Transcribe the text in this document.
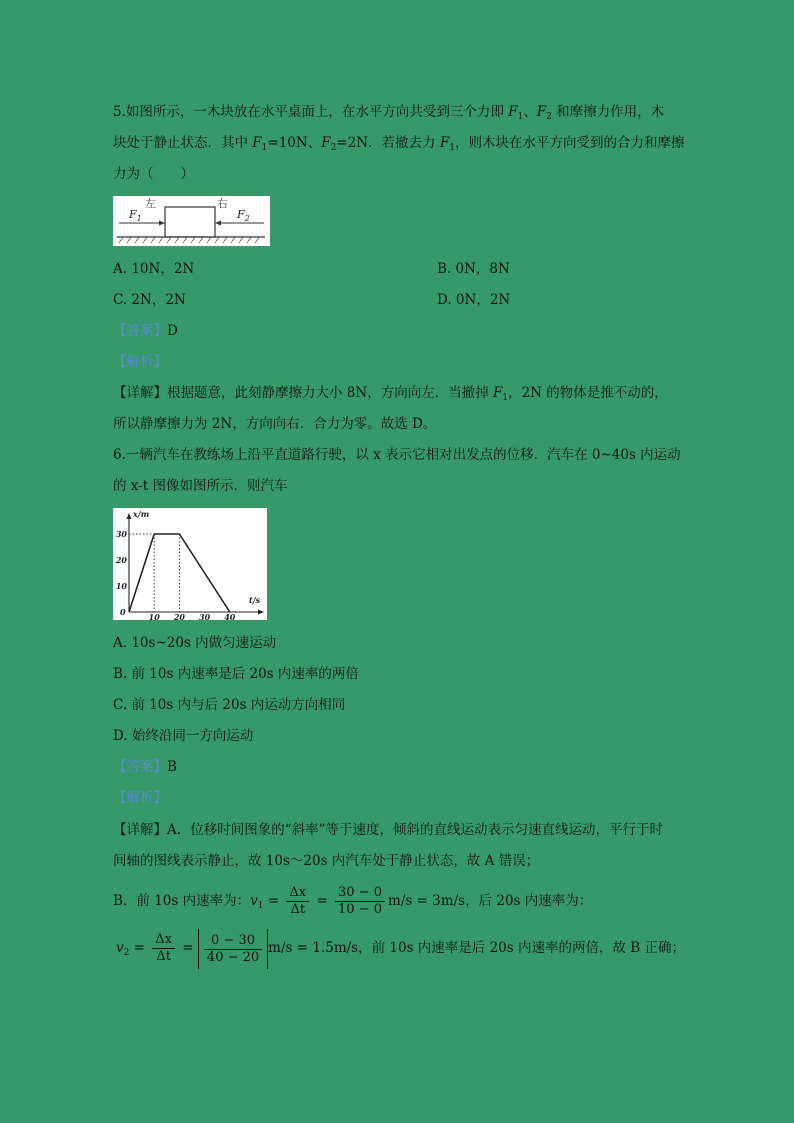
5.如图所示，一木块放在水平桌面上，在水平方向共受到三个力即 $F_1$、$F_2$ 和摩擦力作用，木
块处于静止状态．其中 $F_1=10N$、$F_2=2N$．若撤去力 $F_1$，则木块在水平方向受到的合力和摩擦
力为（　　）
$F_1$	$F_2$
左	右
A. 10N，2N	B. 0N，8N
C. 2N，2N	D. 0N，2N
【答案】D
【解析】
【详解】根据题意，此刻静摩擦力大小 8N，方向向左．当撤掉 $F_1$，2N 的物体是推不动的，
所以静摩擦力为 2N，方向向右．合力为零。故选 D。
6.一辆汽车在教练场上沿平直道路行驶，以 x 表示它相对出发点的位移．汽车在 0~40s 内运动
的 x-t 图像如图所示．则汽车
30
20
10
0	10 20 30 40
x/m
t/s
A. 10s~20s 内做匀速运动
B. 前 10s 内速率是后 20s 内速率的两倍
C. 前 10s 内与后 20s 内运动方向相同
D. 始终沿同一方向运动
【答案】B
【解析】
【详解】A．位移时间图象的“斜率”等于速度，倾斜的直线运动表示匀速直线运动，平行于时
间轴的图线表示静止，故 10s～20s 内汽车处于静止状态，故 A 错误；
B．前 10s 内速率为：$v_1 = \frac{\Delta x}{\Delta t} = \frac{30 - 0}{10 - 0} m/s = 3m/s$，后 20s 内速率为：
$v_2 = \frac{\Delta x}{\Delta t} = \frac{0 - 30}{40 - 20} m/s = 1.5m/s$，前 10s 内速率是后 20s 内速率的两倍，故 B 正确；
